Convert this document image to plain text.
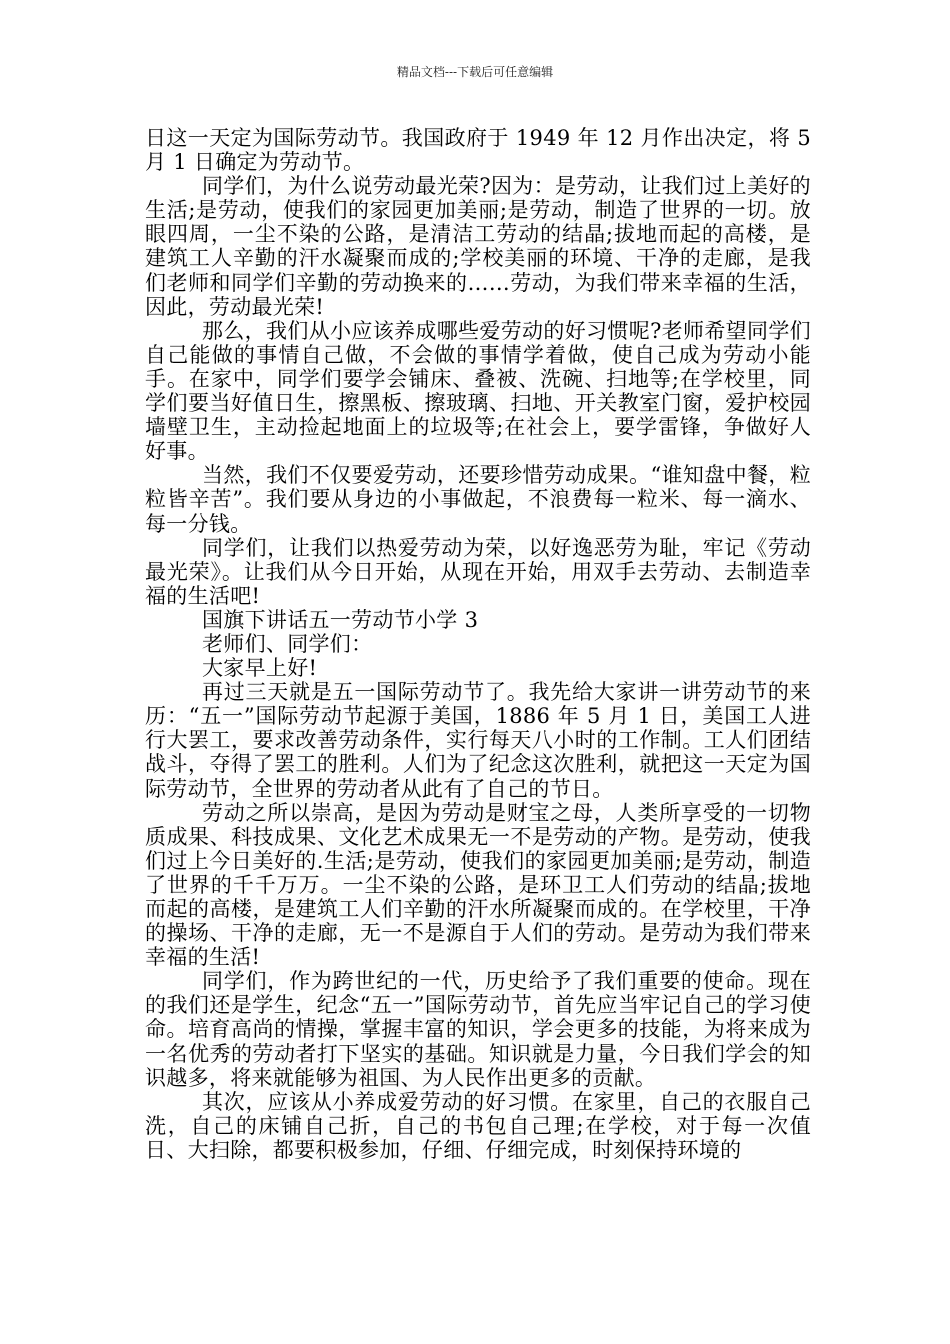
精品文档---下载后可任意编辑

日这一天定为国际劳动节。我国政府于 1949 年 12 月作出决定，将 5 月 1 日确定为劳动节。

同学们，为什么说劳动最光荣?因为：是劳动，让我们过上美好的生活;是劳动，使我们的家园更加美丽;是劳动，制造了世界的一切。放眼四周，一尘不染的公路，是清洁工劳动的结晶;拔地而起的高楼，是建筑工人辛勤的汗水凝聚而成的;学校美丽的环境、干净的走廊，是我们老师和同学们辛勤的劳动换来的……劳动，为我们带来幸福的生活，因此，劳动最光荣!

那么，我们从小应该养成哪些爱劳动的好习惯呢?老师希望同学们自己能做的事情自己做，不会做的事情学着做，使自己成为劳动小能手。在家中，同学们要学会铺床、叠被、洗碗、扫地等;在学校里，同学们要当好值日生，擦黑板、擦玻璃、扫地、开关教室门窗，爱护校园墙壁卫生，主动捡起地面上的垃圾等;在社会上，要学雷锋，争做好人好事。

当然，我们不仅要爱劳动，还要珍惜劳动成果。“谁知盘中餐，粒粒皆辛苦”。我们要从身边的小事做起，不浪费每一粒米、每一滴水、每一分钱。

同学们，让我们以热爱劳动为荣，以好逸恶劳为耻，牢记《劳动最光荣》。让我们从今日开始，从现在开始，用双手去劳动、去制造幸福的生活吧!

国旗下讲话五一劳动节小学 3

老师们、同学们：

大家早上好!

再过三天就是五一国际劳动节了。我先给大家讲一讲劳动节的来历：“五一”国际劳动节起源于美国，1886 年 5 月 1 日，美国工人进行大罢工，要求改善劳动条件，实行每天八小时的工作制。工人们团结战斗，夺得了罢工的胜利。人们为了纪念这次胜利，就把这一天定为国际劳动节，全世界的劳动者从此有了自己的节日。

劳动之所以崇高，是因为劳动是财宝之母，人类所享受的一切物质成果、科技成果、文化艺术成果无一不是劳动的产物。是劳动，使我们过上今日美好的.生活;是劳动，使我们的家园更加美丽;是劳动，制造了世界的千千万万。一尘不染的公路，是环卫工人们劳动的结晶;拔地而起的高楼，是建筑工人们辛勤的汗水所凝聚而成的。在学校里，干净的操场、干净的走廊，无一不是源自于人们的劳动。是劳动为我们带来幸福的生活!

同学们，作为跨世纪的一代，历史给予了我们重要的使命。现在的我们还是学生，纪念“五一”国际劳动节，首先应当牢记自己的学习使命。培育高尚的情操，掌握丰富的知识，学会更多的技能，为将来成为一名优秀的劳动者打下坚实的基础。知识就是力量，今日我们学会的知识越多，将来就能够为祖国、为人民作出更多的贡献。

其次，应该从小养成爱劳动的好习惯。在家里，自己的衣服自己洗，自己的床铺自己折，自己的书包自己理;在学校，对于每一次值日、大扫除，都要积极参加，仔细、仔细完成，时刻保持环境的
